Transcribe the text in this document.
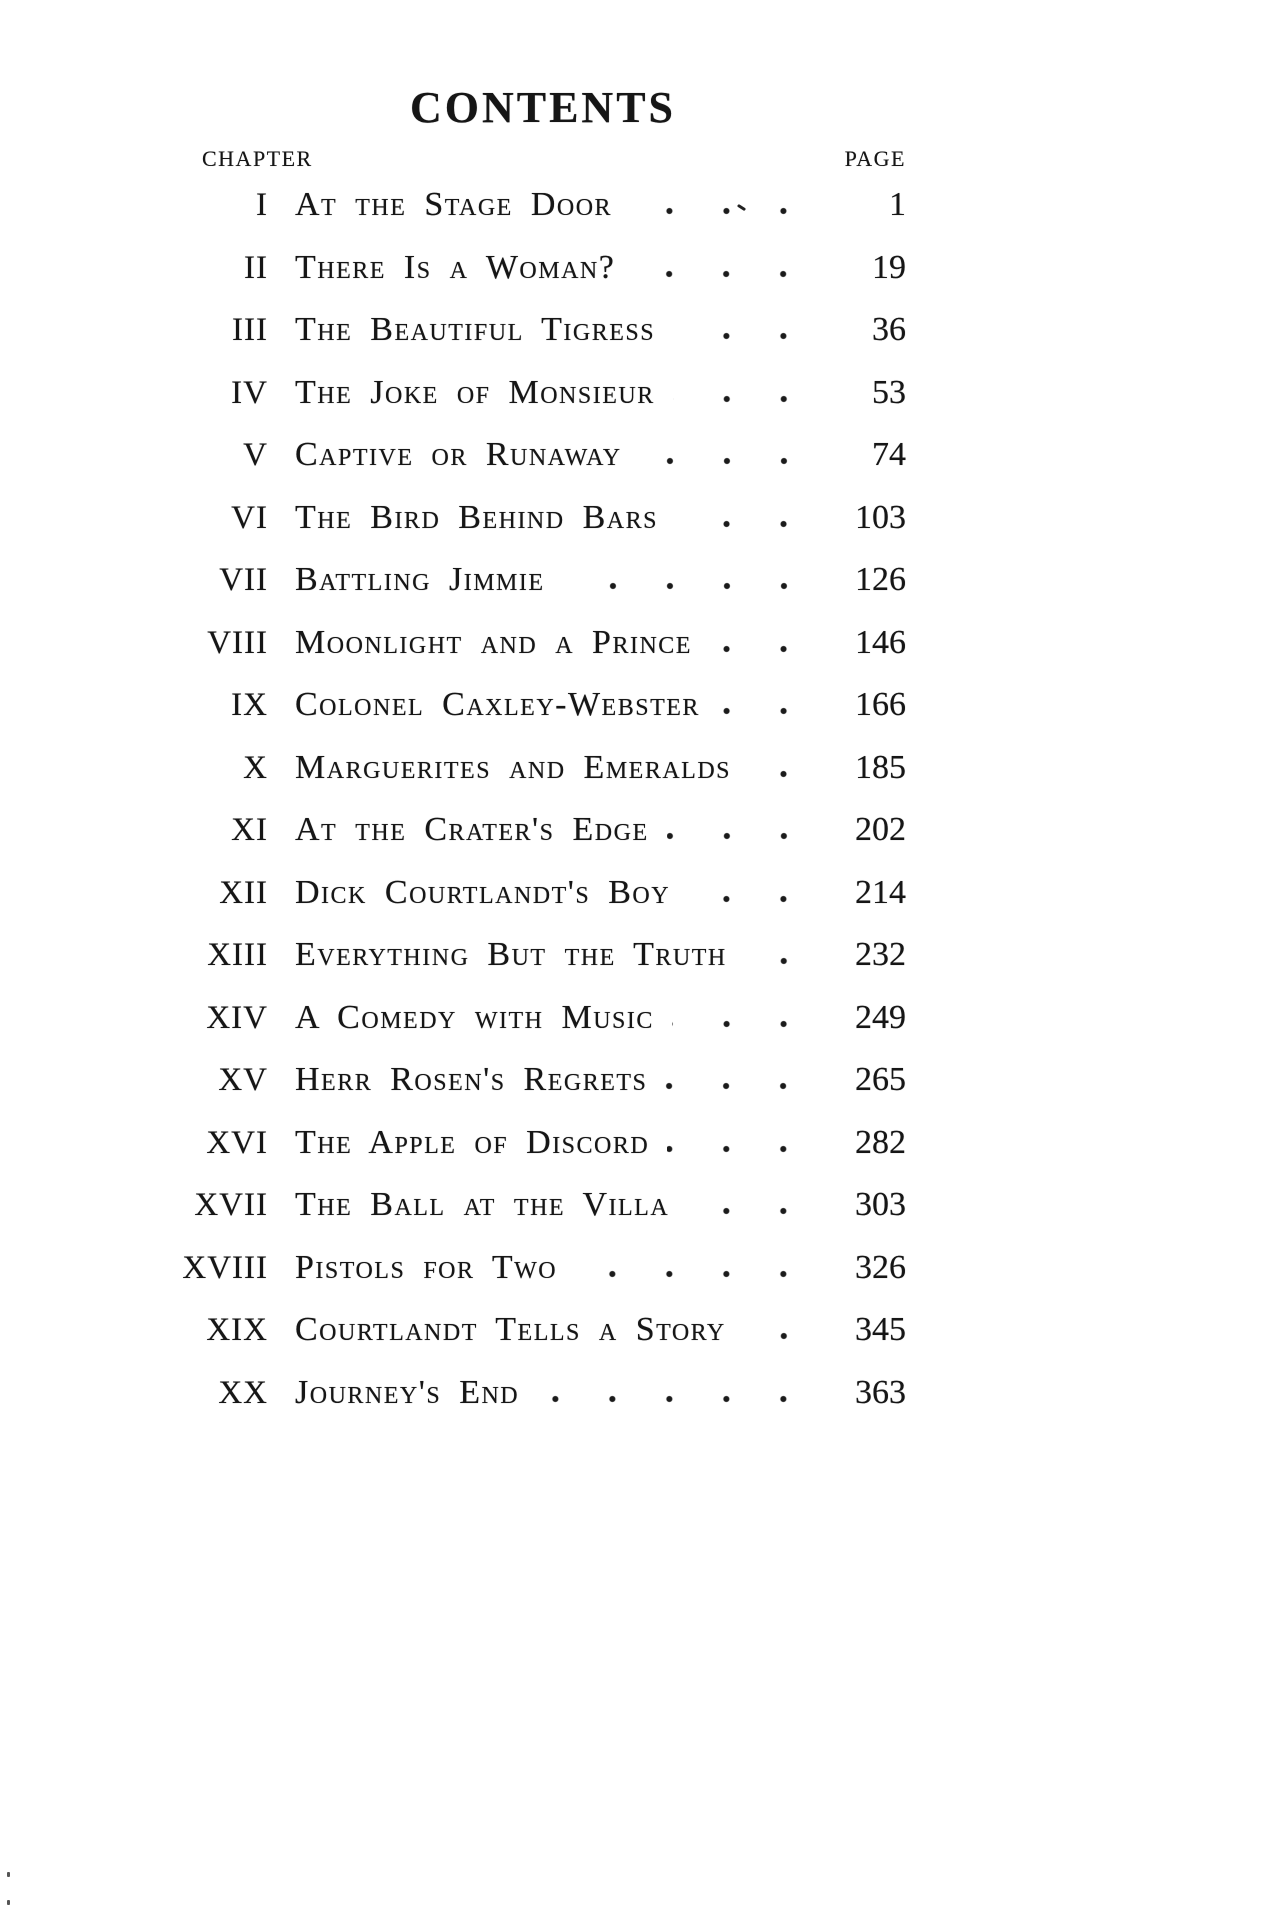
CONTENTS
CHAPTER	PAGE
I At the Stage Door	1
II There Is a Woman?	19
III The Beautiful Tigress	36
IV The Joke of Monsieur	53
V Captive or Runaway	74
VI The Bird Behind Bars	103
VII Battling Jimmie	126
VIII Moonlight and a Prince	146
IX Colonel Caxley-Webster	166
X Marguerites and Emeralds	185
XI At the Crater's Edge	202
XII Dick Courtlandt's Boy	214
XIII Everything But the Truth	232
XIV A Comedy with Music	249
XV Herr Rosen's Regrets	265
XVI The Apple of Discord	282
XVII The Ball at the Villa	303
XVIII Pistols for Two	326
XIX Courtlandt Tells a Story	345
XX Journey's End	363
